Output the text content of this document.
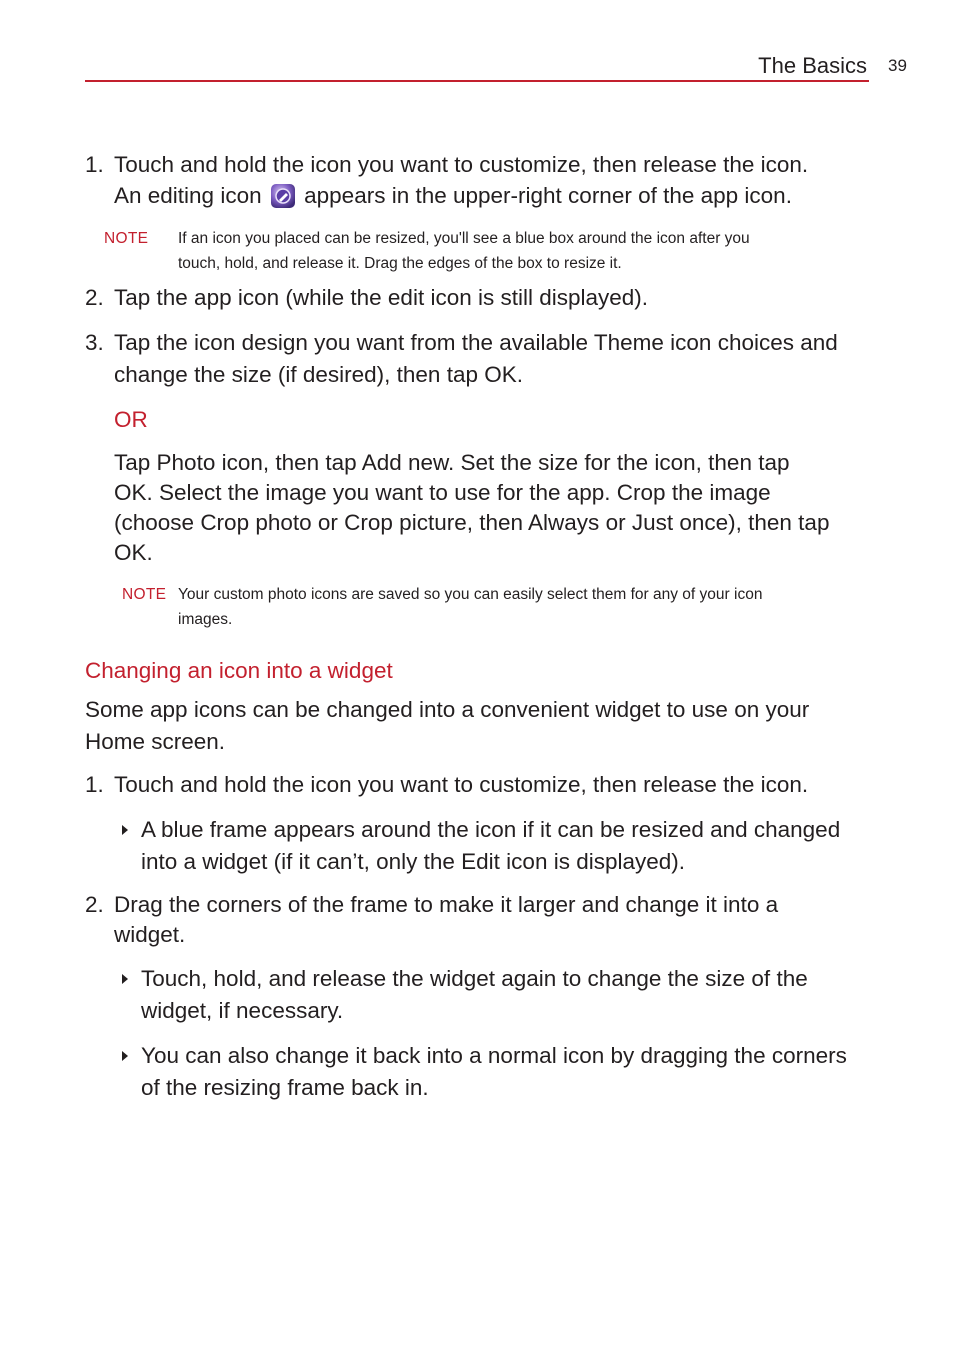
The Basics 39
1. Touch and hold the icon you want to customize, then release the icon.
An editing icon appears in the upper-right corner of the app icon.
NOTE If an icon you placed can be resized, you'll see a blue box around the icon after you
touch, hold, and release it. Drag the edges of the box to resize it.
2. Tap the app icon (while the edit icon is still displayed).
3. Tap the icon design you want from the available Theme icon choices and
change the size (if desired), then tap OK.
OR
Tap Photo icon, then tap Add new. Set the size for the icon, then tap
OK. Select the image you want to use for the app. Crop the image
(choose Crop photo or Crop picture, then Always or Just once), then tap
OK.
NOTE Your custom photo icons are saved so you can easily select them for any of your icon
images.
Changing an icon into a widget
Some app icons can be changed into a convenient widget to use on your
Home screen.
1. Touch and hold the icon you want to customize, then release the icon.
A blue frame appears around the icon if it can be resized and changed
into a widget (if it can’t, only the Edit icon is displayed).
2. Drag the corners of the frame to make it larger and change it into a
widget.
Touch, hold, and release the widget again to change the size of the
widget, if necessary.
You can also change it back into a normal icon by dragging the corners
of the resizing frame back in.
